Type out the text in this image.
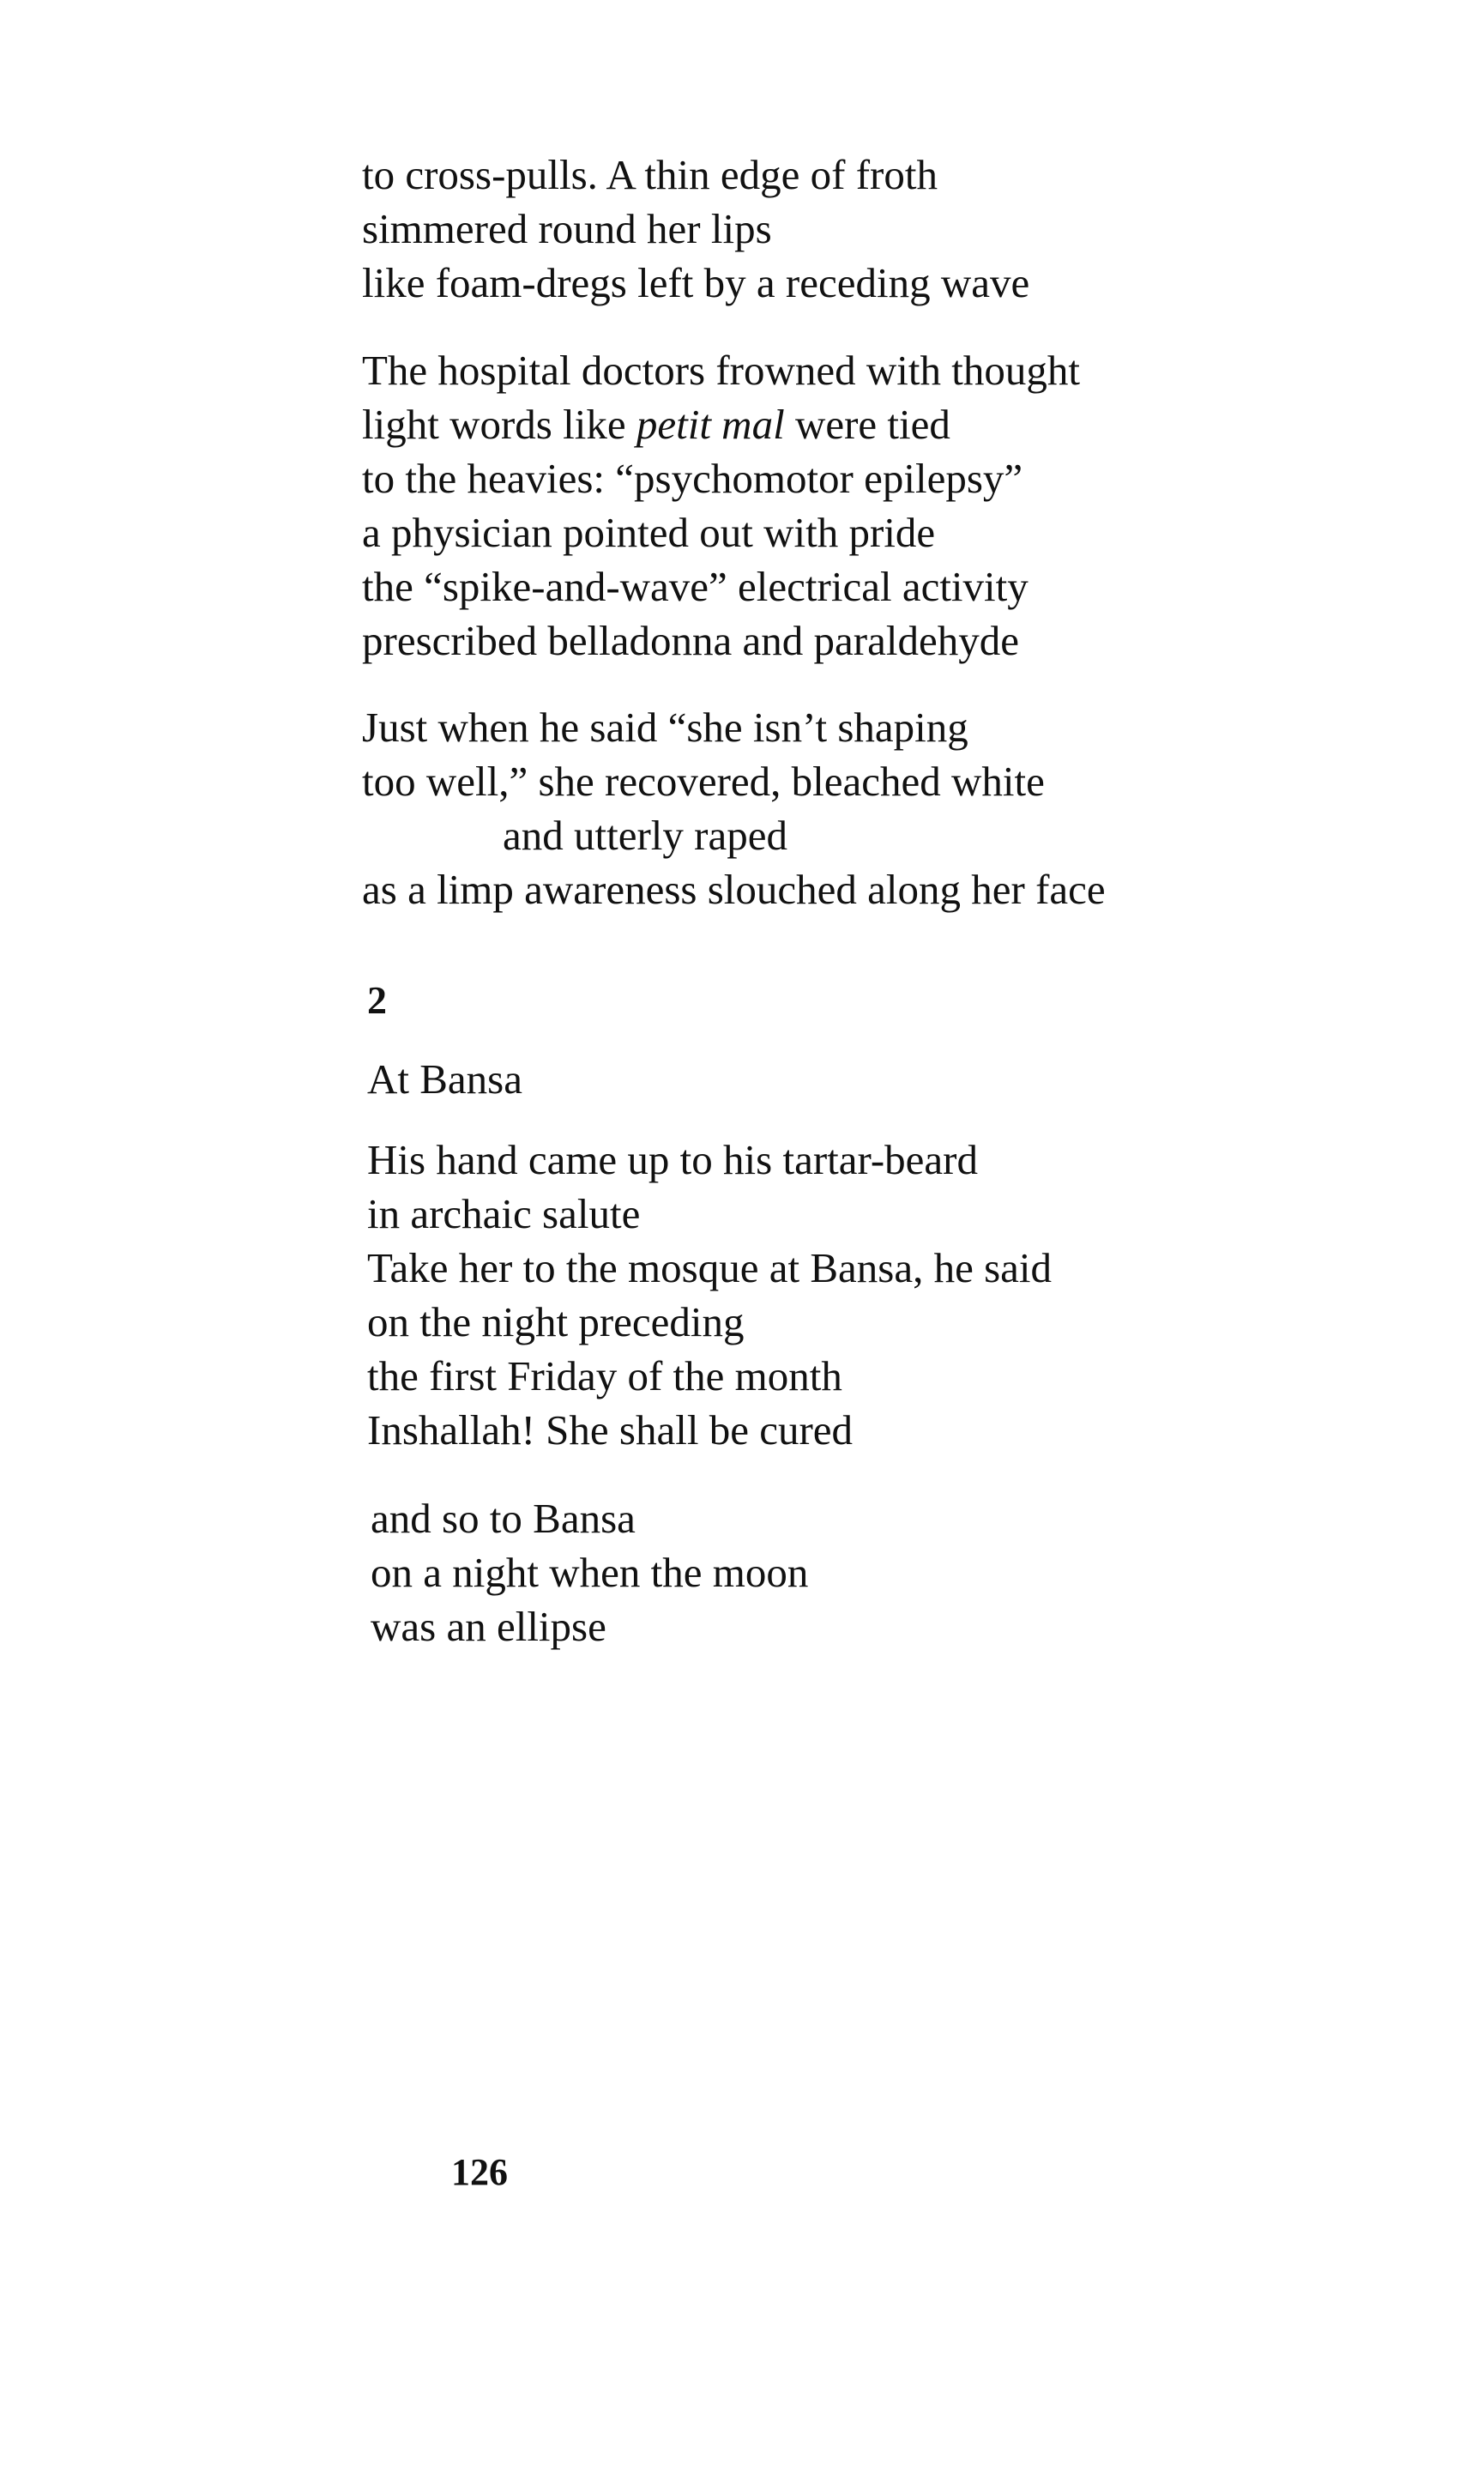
to cross-pulls. A thin edge of froth
simmered round her lips
like foam-dregs left by a receding wave
The hospital doctors frowned with thought
light words like petit mal were tied
to the heavies: “psychomotor epilepsy”
a physician pointed out with pride
the “spike-and-wave” electrical activity
prescribed belladonna and paraldehyde
Just when he said “she isn’t shaping
too well,” she recovered, bleached white
and utterly raped
as a limp awareness slouched along her face
2
At Bansa
His hand came up to his tartar-beard
in archaic salute
Take her to the mosque at Bansa, he said
on the night preceding
the first Friday of the month
Inshallah! She shall be cured
and so to Bansa
on a night when the moon
was an ellipse
126
